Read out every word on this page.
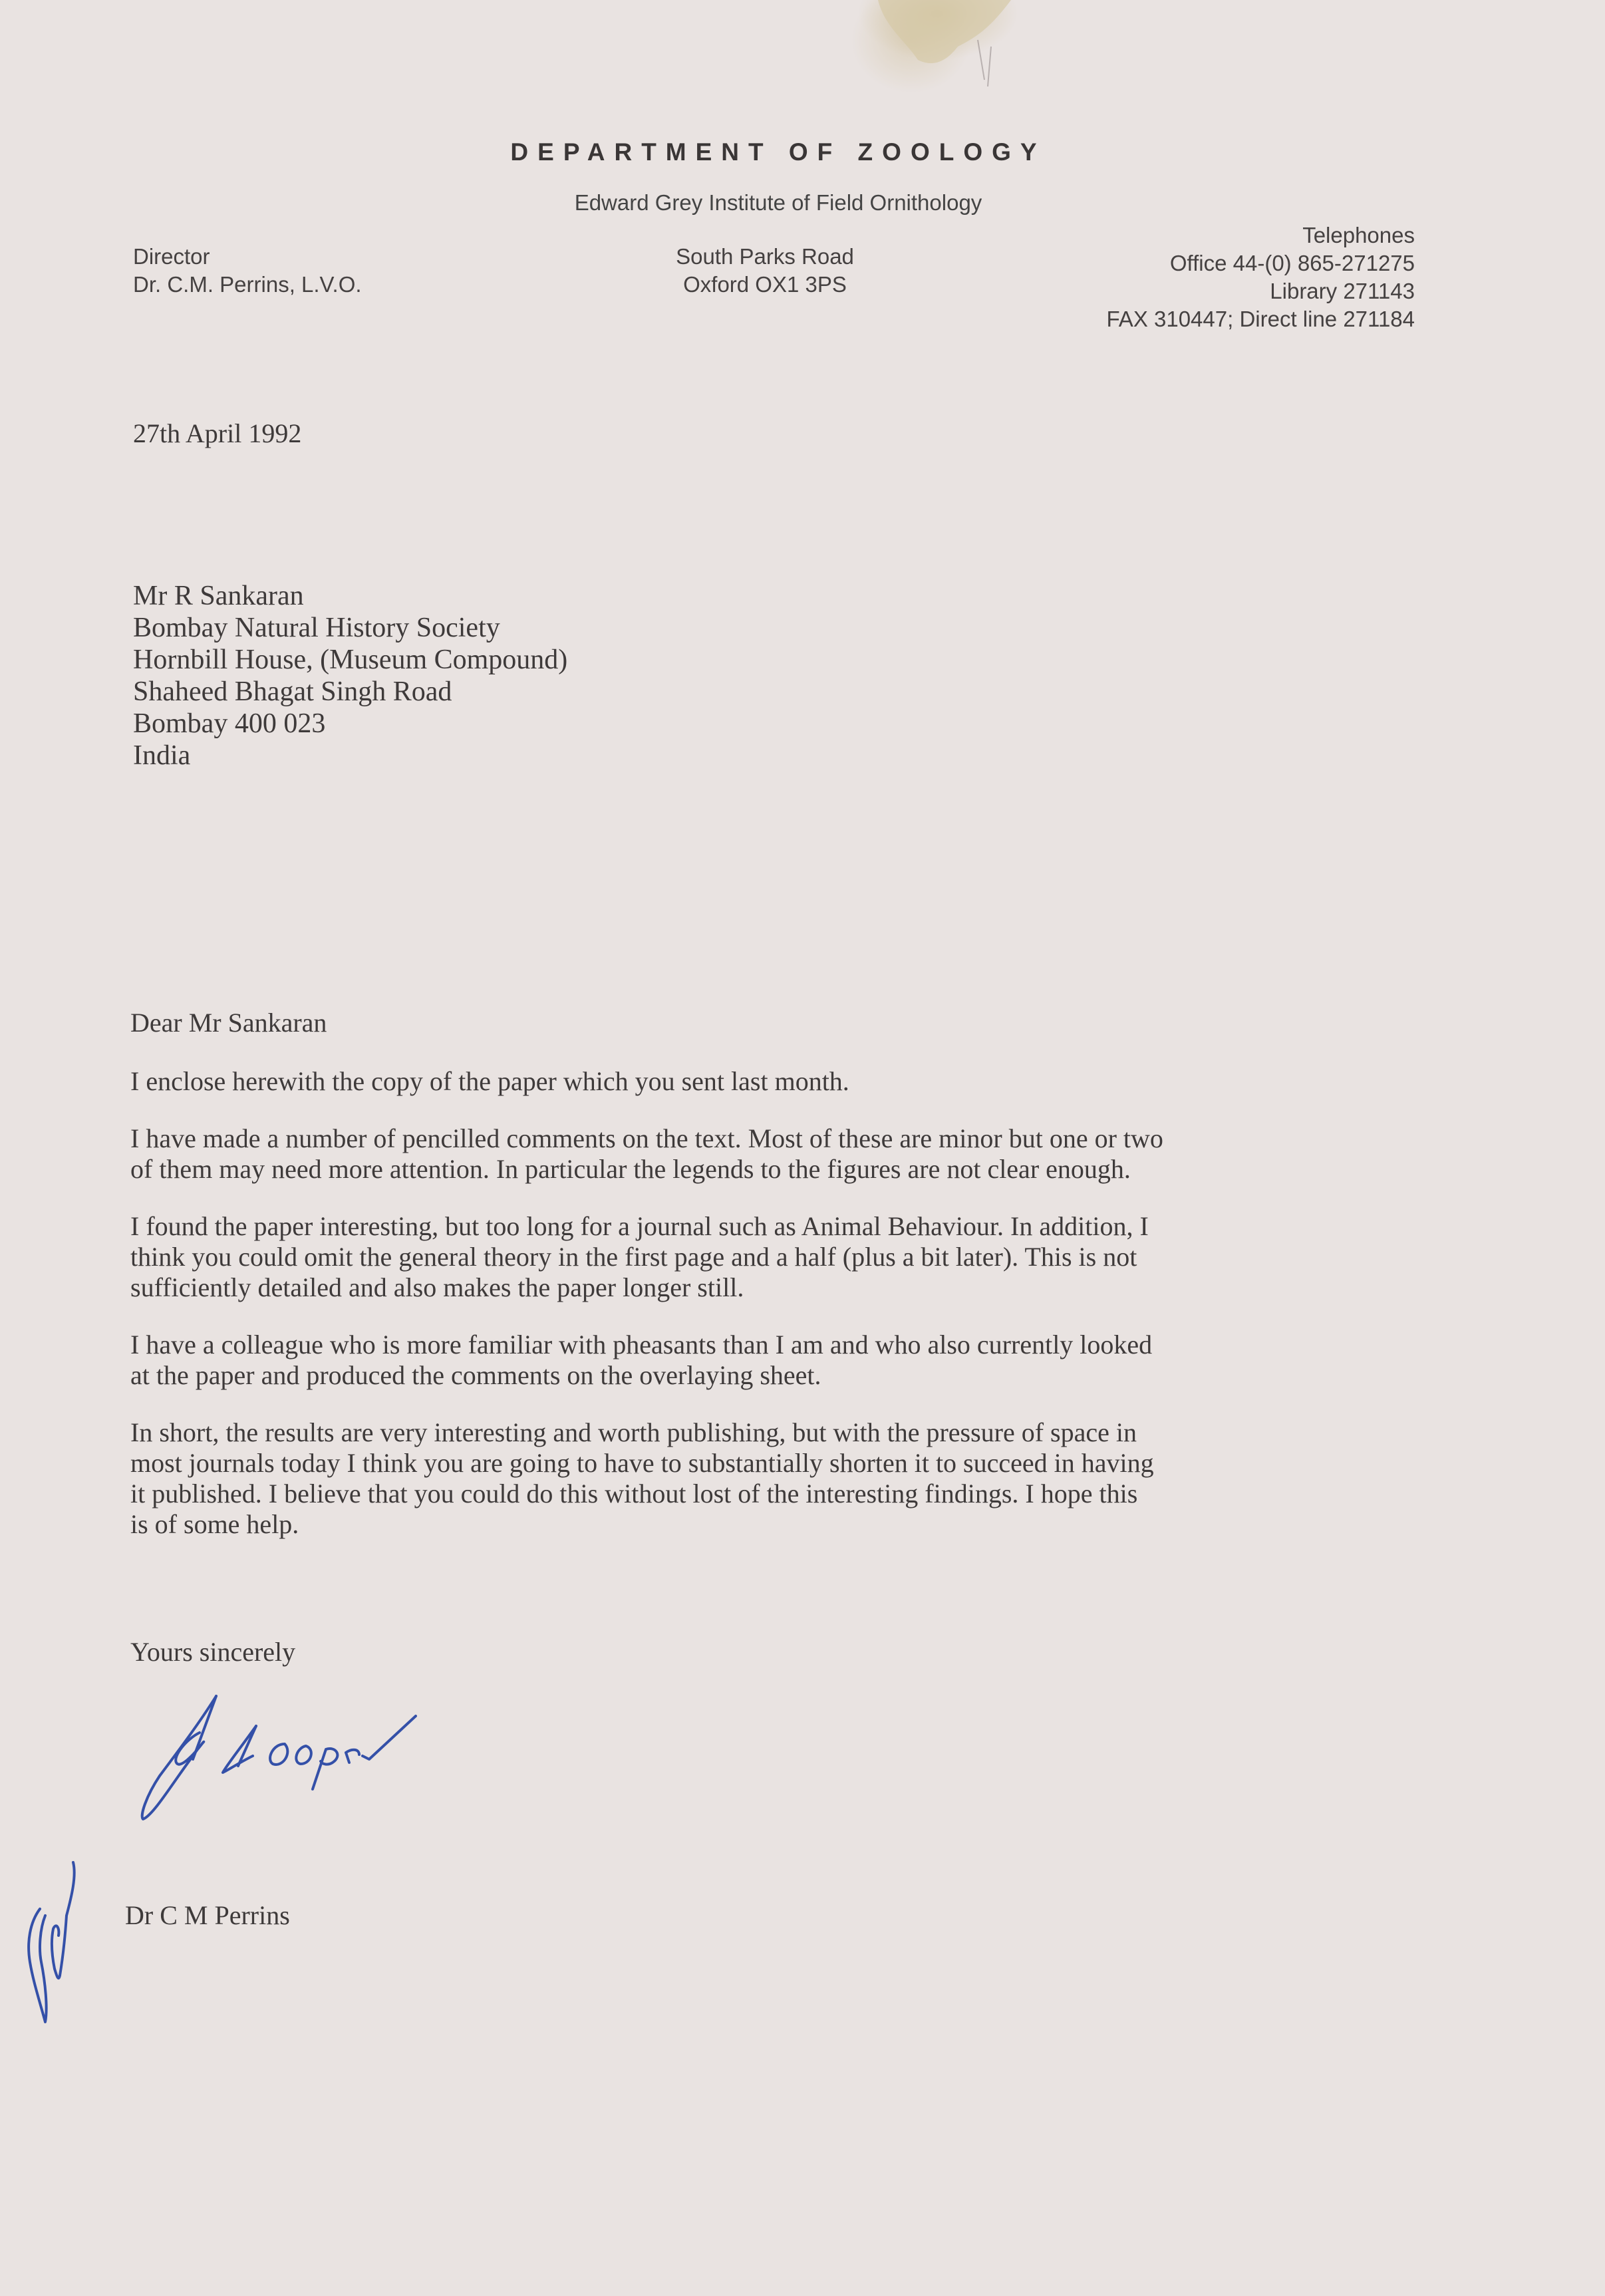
DEPARTMENT OF ZOOLOGY
Edward Grey Institute of Field Ornithology
Director
Dr. C.M. Perrins, L.V.O.
South Parks Road
Oxford OX1 3PS
Telephones
Office 44-(0) 865-271275
Library 271143
FAX 310447; Direct line 271184
27th April 1992
Mr R Sankaran
Bombay Natural History Society
Hornbill House, (Museum Compound)
Shaheed Bhagat Singh Road
Bombay 400 023
India

Dear Mr Sankaran

I enclose herewith the copy of the paper which you sent last month.

I have made a number of pencilled comments on the text. Most of these are minor but one or two
of them may need more attention. In particular the legends to the figures are not clear enough.

I found the paper interesting, but too long for a journal such as Animal Behaviour. In addition, I
think you could omit the general theory in the first page and a half (plus a bit later). This is not
sufficiently detailed and also makes the paper longer still.

I have a colleague who is more familiar with pheasants than I am and who also currently looked
at the paper and produced the comments on the overlaying sheet.

In short, the results are very interesting and worth publishing, but with the pressure of space in
most journals today I think you are going to have to substantially shorten it to succeed in having
it published. I believe that you could do this without lost of the interesting findings. I hope this
is of some help.

Yours sincerely
Dr C M Perrins
